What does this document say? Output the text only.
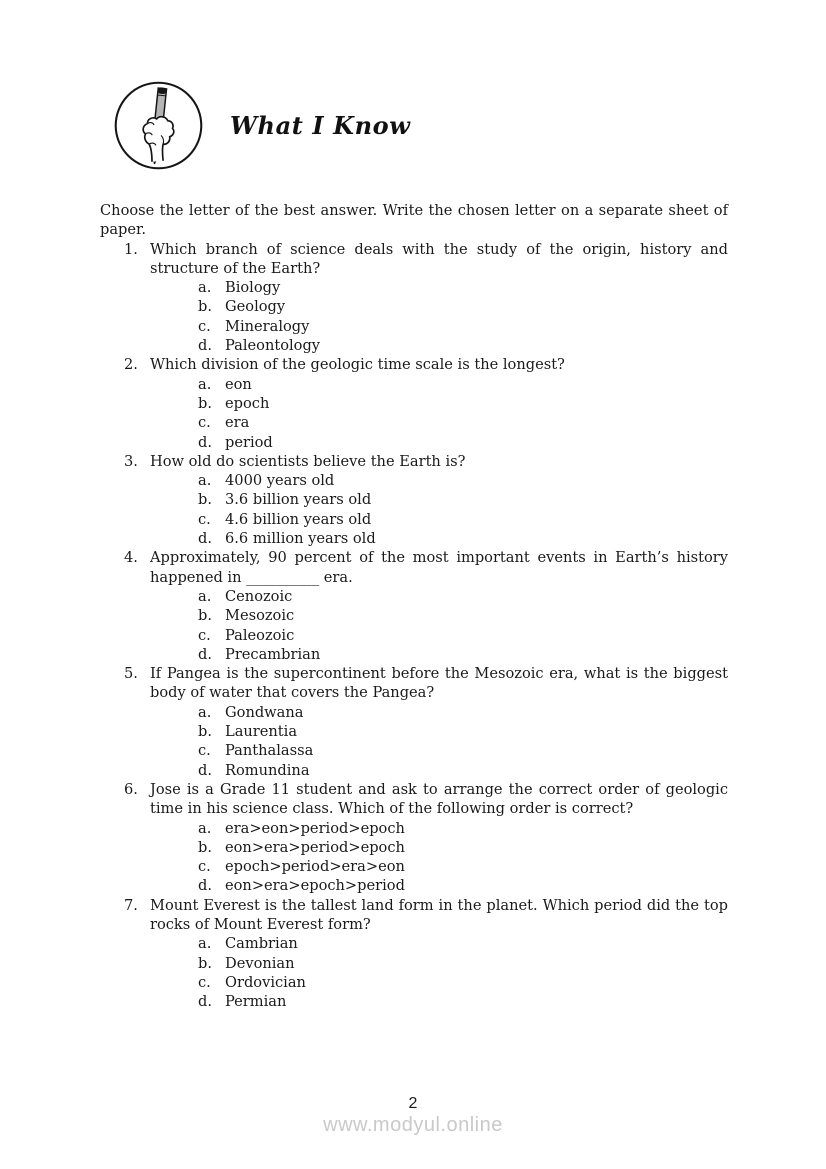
What I Know

Choose the letter of the best answer. Write the chosen letter on a separate sheet of paper.

1. Which branch of science deals with the study of the origin, history and structure of the Earth?
a. Biology
b. Geology
c. Mineralogy
d. Paleontology
2. Which division of the geologic time scale is the longest?
a. eon
b. epoch
c. era
d. period
3. How old do scientists believe the Earth is?
a. 4000 years old
b. 3.6 billion years old
c. 4.6 billion years old
d. 6.6 million years old
4. Approximately, 90 percent of the most important events in Earth’s history happened in __________ era.
a. Cenozoic
b. Mesozoic
c. Paleozoic
d. Precambrian
5. If Pangea is the supercontinent before the Mesozoic era, what is the biggest body of water that covers the Pangea?
a. Gondwana
b. Laurentia
c. Panthalassa
d. Romundina
6. Jose is a Grade 11 student and ask to arrange the correct order of geologic time in his science class. Which of the following order is correct?
a. era>eon>period>epoch
b. eon>era>period>epoch
c. epoch>period>era>eon
d. eon>era>epoch>period
7. Mount Everest is the tallest land form in the planet. Which period did the top rocks of Mount Everest form?
a. Cambrian
b. Devonian
c. Ordovician
d. Permian
2
www.modyul.online
